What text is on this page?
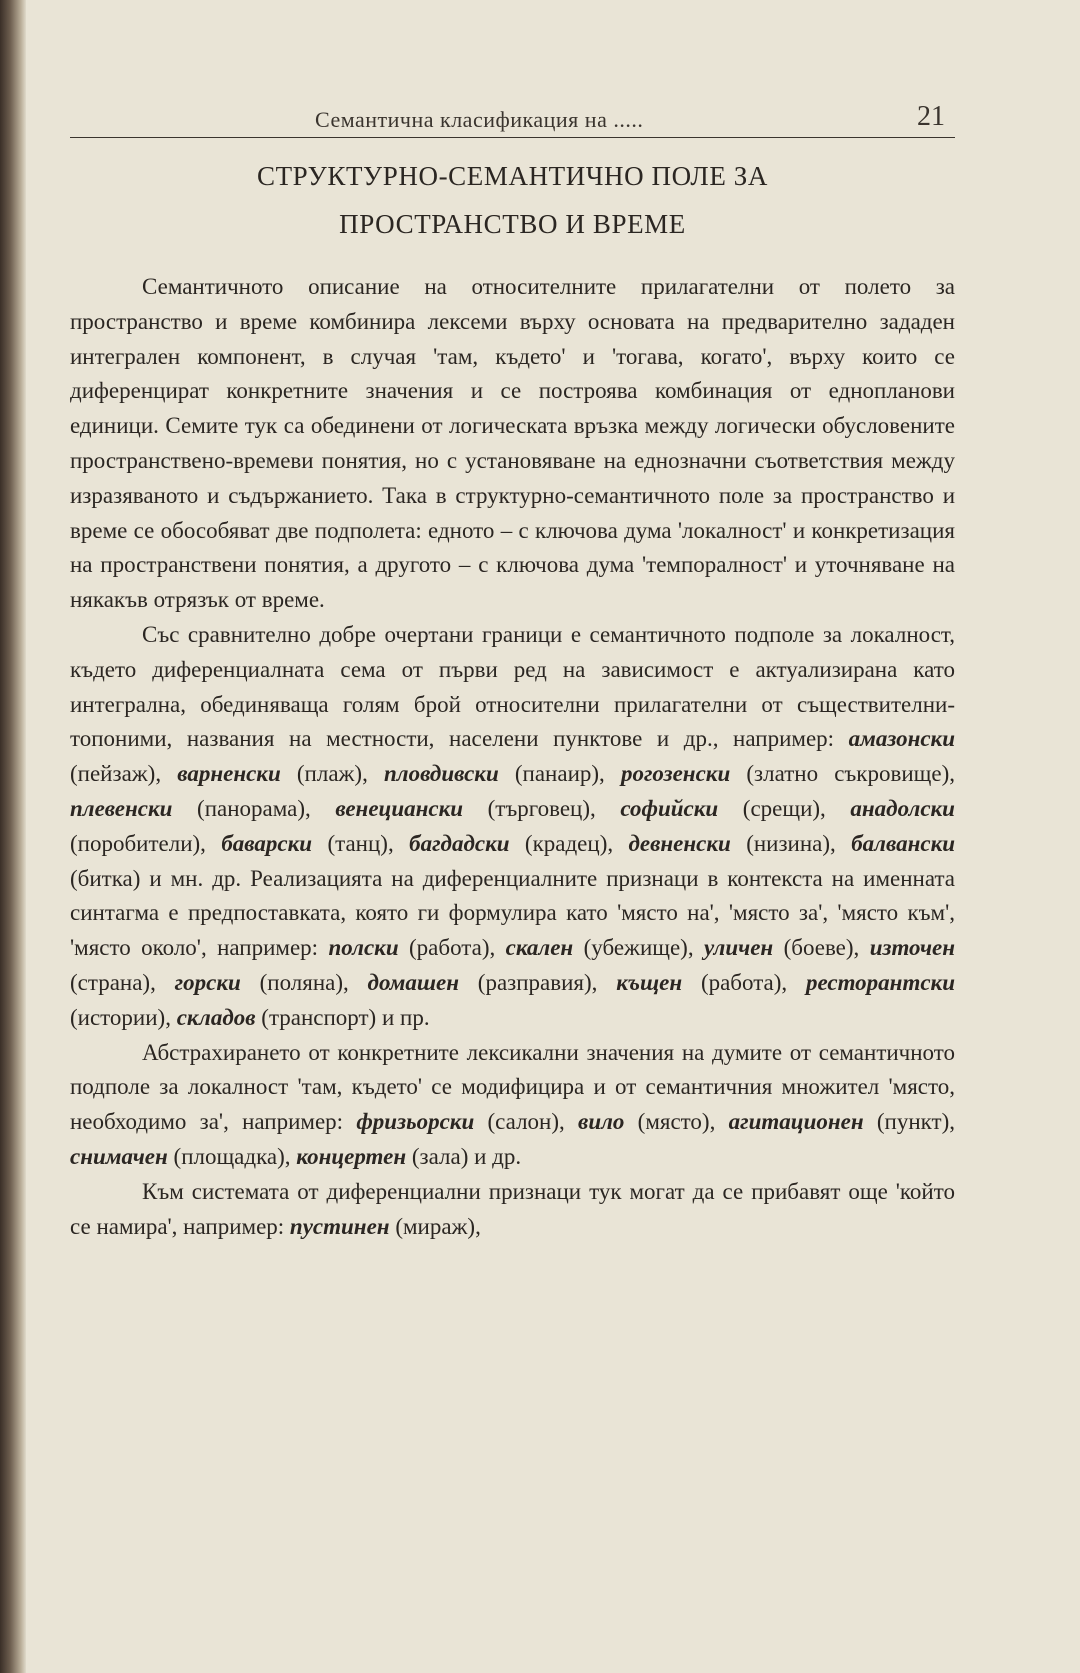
Семантична класификация на .....	21
СТРУКТУРНО-СЕМАНТИЧНО ПОЛЕ ЗА
ПРОСТРАНСТВО И ВРЕМЕ

Семантичното описание на относителните прилагателни от полето за пространство и време комбинира лексеми върху основата на предварително зададен интегрален компонент, в случая 'там, където' и 'тогава, когато', върху които се диференцират конкретните значения и се построява комбинация от еднопланови единици. Семите тук са обединени от логическата връзка между логически обусловените пространствено-времеви понятия, но с установяване на еднозначни съответствия между изразяваното и съдържанието. Така в структурно-семантичното поле за пространство и време се обособяват две подполета: едното – с ключова дума 'локалност' и конкретизация на пространствени понятия, а другото – с ключова дума 'темпоралност' и уточняване на някакъв отрязък от време.

Със сравнително добре очертани граници е семантичното подполе за локалност, където диференциалната сема от първи ред на зависимост е актуализирана като интегрална, обединяваща голям брой относителни прилагателни от съществителни-топоними, названия на местности, населени пунктове и др., например: амазонски (пейзаж), варненски (плаж), пловдивски (панаир), рогозенски (златно съкровище), плевенски (панорама), венециански (търговец), софийски (срещи), анадолски (поробители), баварски (танц), багдадски (крадец), девненски (низина), балвански (битка) и мн. др. Реализацията на диференциалните признаци в контекста на именната синтагма е предпоставката, която ги формулира като 'място на', 'място за', 'място към', 'място около', например: полски (работа), скален (убежище), уличен (боеве), източен (страна), горски (поляна), домашен (разправия), къщен (работа), ресторантски (истории), складов (транспорт) и пр.

Абстрахирането от конкретните лексикални значения на думите от семантичното подполе за локалност 'там, където' се модифицира и от семантичния множител 'място, необходимо за', например: фризьорски (салон), вило (място), агитационен (пункт), снимачен (площадка), концертен (зала) и др.

Към системата от диференциални признаци тук могат да се прибавят още 'който се намира', например: пустинен (мираж),
